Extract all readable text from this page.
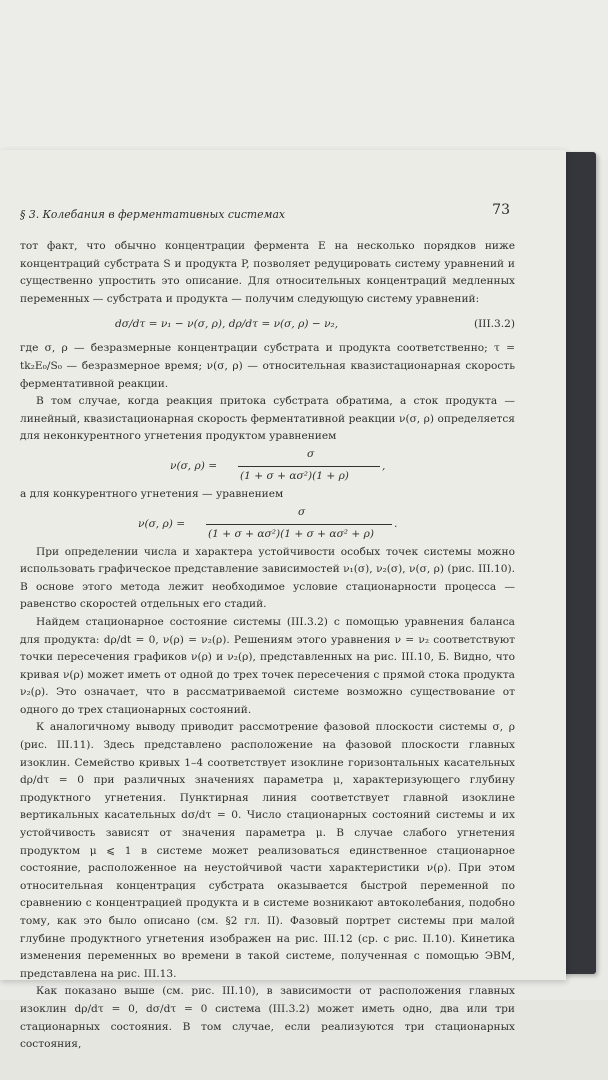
§ 3. Колебания в ферментативных системах	73

тот факт, что обычно концентрации фермента E на несколько порядков ниже концентраций субстрата S и продукта P, позволяет редуцировать систему уравнений и существенно упростить это описание. Для относительных концентраций медленных переменных — субстрата и продукта — получим следующую систему уравнений:

dσ/dτ = ν₁ − ν(σ, ρ), dρ/dτ = ν(σ, ρ) − ν₂,	(III.3.2)

где σ, ρ — безразмерные концентрации субстрата и продукта соответственно; τ = tk₂E₀/S₀ — безразмерное время; ν(σ, ρ) — относительная квазистационарная скорость ферментативной реакции.

В том случае, когда реакция притока субстрата обратима, а сток продукта — линейный, квазистационарная скорость ферментативной реакции ν(σ, ρ) определяется для неконкурентного угнетения продуктом уравнением

ν(σ, ρ) =
σ
(1 + σ + ασ²)(1 + ρ)
,

а для конкурентного угнетения — уравнением

ν(σ, ρ) =
σ
(1 + σ + ασ²)(1 + σ + ασ² + ρ)
.

При определении числа и характера устойчивости особых точек системы можно использовать графическое представление зависимостей ν₁(σ), ν₂(σ), ν(σ, ρ) (рис. III.10). В основе этого метода лежит необходимое условие стационарности процесса — равенство скоростей отдельных его стадий.

Найдем стационарное состояние системы (III.3.2) с помощью уравнения баланса для продукта: dρ/dt = 0, ν(ρ) = ν₂(ρ). Решениям этого уравнения ν = ν₂ соответствуют точки пересечения графиков ν(ρ) и ν₂(ρ), представленных на рис. III.10, Б. Видно, что кривая ν(ρ) может иметь от одной до трех точек пересечения с прямой стока продукта ν₂(ρ). Это означает, что в рассматриваемой системе возможно существование от одного до трех стационарных состояний.

К аналогичному выводу приводит рассмотрение фазовой плоскости системы σ, ρ (рис. III.11). Здесь представлено расположение на фазовой плоскости главных изоклин. Семейство кривых 1–4 соответствует изоклине горизонтальных касательных dρ/dτ = 0 при различных значениях параметра μ, характеризующего глубину продуктного угнетения. Пунктирная линия соответствует главной изоклине вертикальных касательных dσ/dτ = 0. Число стационарных состояний системы и их устойчивость зависят от значения параметра μ. В случае слабого угнетения продуктом μ ⩽ 1 в системе может реализоваться единственное стационарное состояние, расположенное на неустойчивой части характеристики ν(ρ). При этом относительная концентрация субстрата оказывается быстрой переменной по сравнению с концентрацией продукта и в системе возникают автоколебания, подобно тому, как это было описано (см. §2 гл. II). Фазовый портрет системы при малой глубине продуктного угнетения изображен на рис. III.12 (ср. с рис. II.10). Кинетика изменения переменных во времени в такой системе, полученная с помощью ЭВМ, представлена на рис. III.13.

Как показано выше (см. рис. III.10), в зависимости от расположения главных изоклин dρ/dτ = 0, dσ/dτ = 0 система (III.3.2) может иметь одно, два или три стационарных состояния. В том случае, если реализуются три стационарных состояния,
